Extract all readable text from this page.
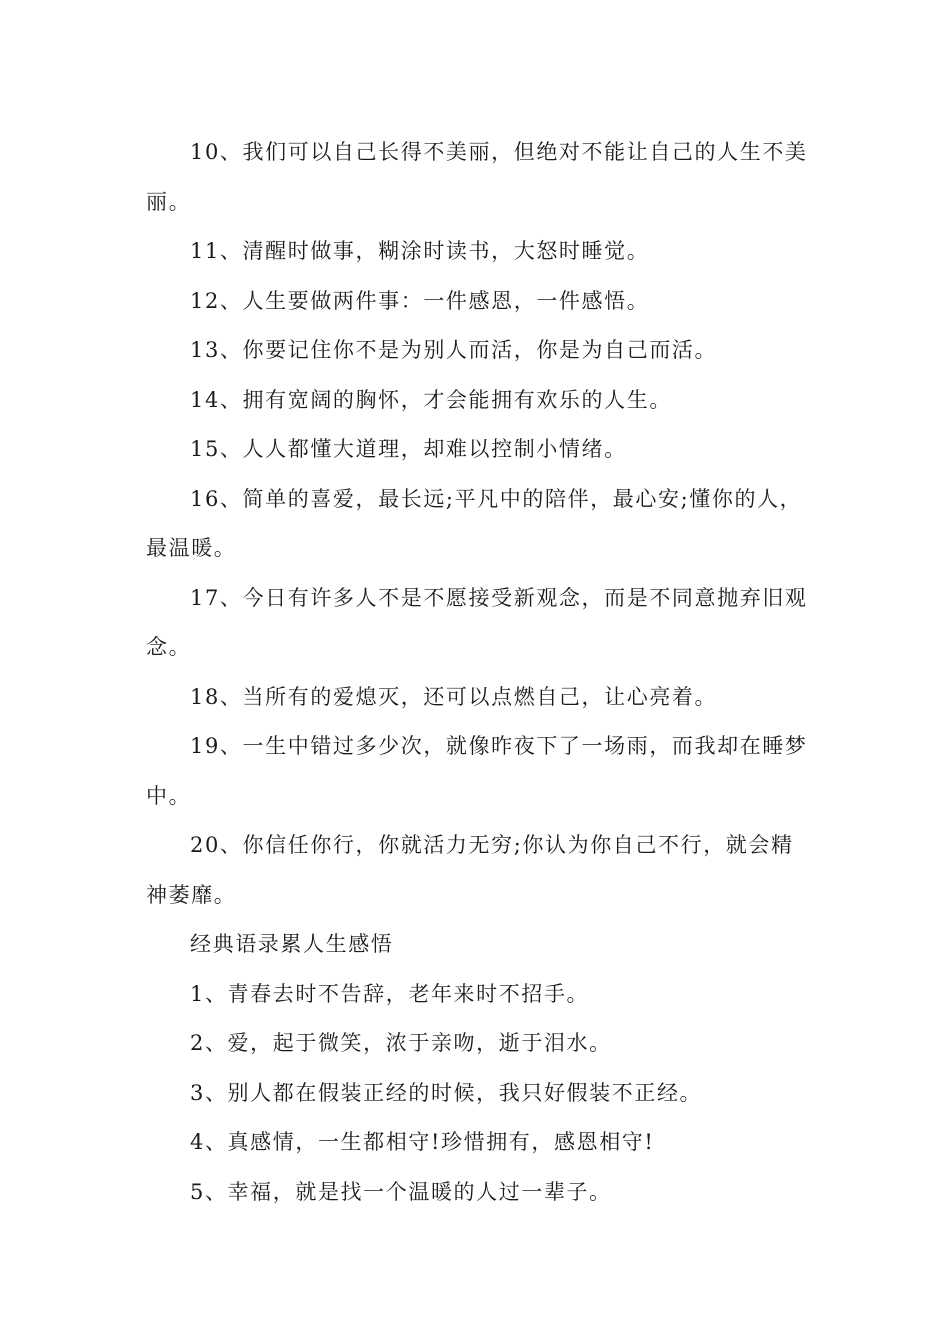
10、我们可以自己长得不美丽，但绝对不能让自己的人生不美丽。

11、清醒时做事，糊涂时读书，大怒时睡觉。

12、人生要做两件事：一件感恩，一件感悟。

13、你要记住你不是为别人而活，你是为自己而活。

14、拥有宽阔的胸怀，才会能拥有欢乐的人生。

15、人人都懂大道理，却难以控制小情绪。

16、简单的喜爱，最长远;平凡中的陪伴，最心安;懂你的人，最温暖。

17、今日有许多人不是不愿接受新观念，而是不同意抛弃旧观念。

18、当所有的爱熄灭，还可以点燃自己，让心亮着。

19、一生中错过多少次，就像昨夜下了一场雨，而我却在睡梦中。

20、你信任你行，你就活力无穷;你认为你自己不行，就会精神萎靡。

经典语录累人生感悟

1、青春去时不告辞，老年来时不招手。

2、爱，起于微笑，浓于亲吻，逝于泪水。

3、别人都在假装正经的时候，我只好假装不正经。

4、真感情，一生都相守!珍惜拥有，感恩相守!

5、幸福，就是找一个温暖的人过一辈子。
